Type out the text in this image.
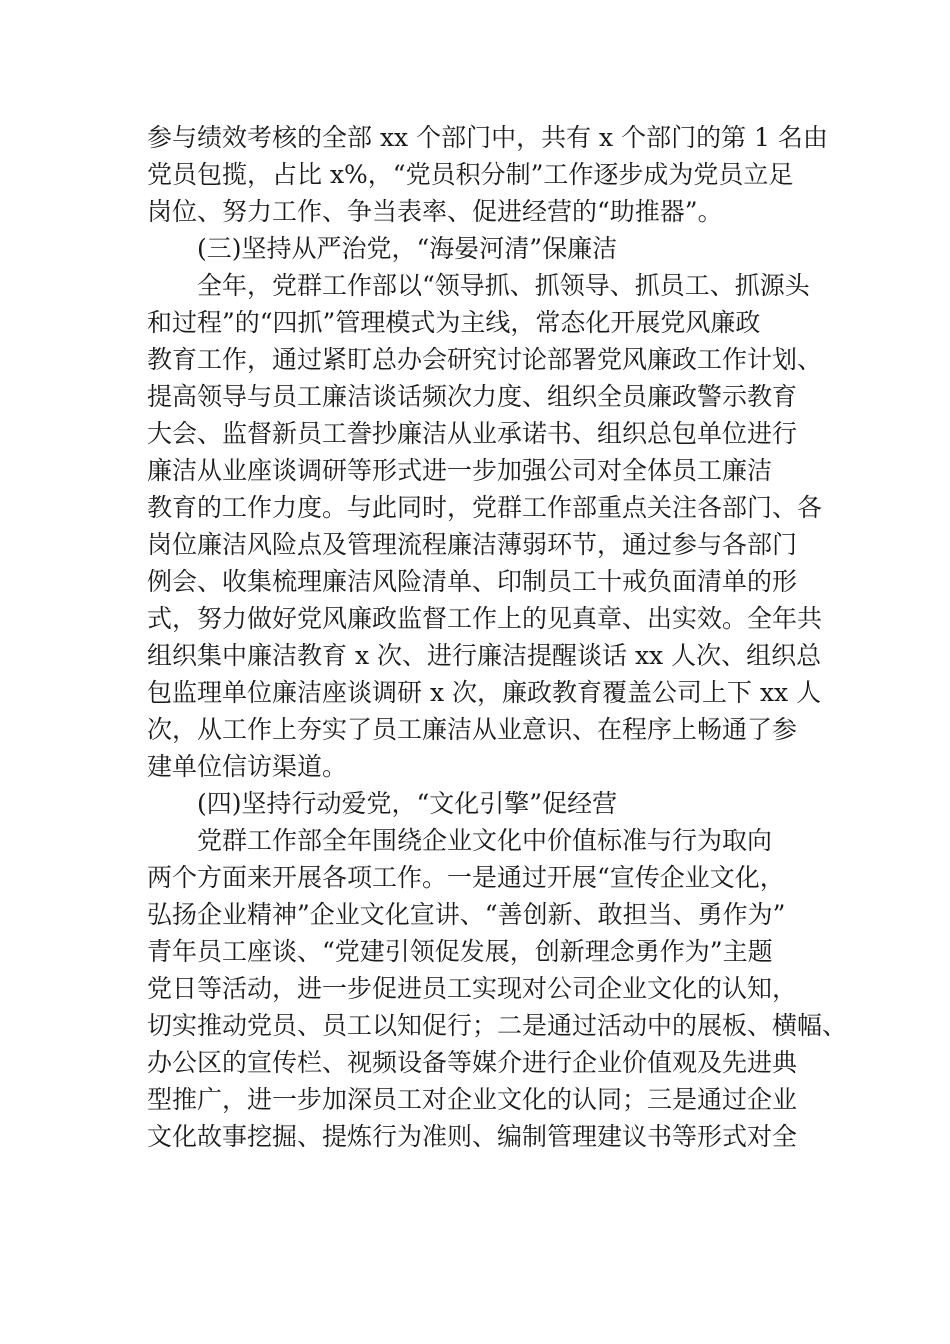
参与绩效考核的全部 xx 个部门中，共有 x 个部门的第 1 名由
党员包揽，占比 x%，“党员积分制”工作逐步成为党员立足
岗位、努力工作、争当表率、促进经营的“助推器”。
(三)坚持从严治党，“海晏河清”保廉洁
全年，党群工作部以“领导抓、抓领导、抓员工、抓源头
和过程”的“四抓”管理模式为主线，常态化开展党风廉政
教育工作，通过紧盯总办会研究讨论部署党风廉政工作计划、
提高领导与员工廉洁谈话频次力度、组织全员廉政警示教育
大会、监督新员工誊抄廉洁从业承诺书、组织总包单位进行
廉洁从业座谈调研等形式进一步加强公司对全体员工廉洁
教育的工作力度。与此同时，党群工作部重点关注各部门、各
岗位廉洁风险点及管理流程廉洁薄弱环节，通过参与各部门
例会、收集梳理廉洁风险清单、印制员工十戒负面清单的形
式，努力做好党风廉政监督工作上的见真章、出实效。全年共
组织集中廉洁教育 x 次、进行廉洁提醒谈话 xx 人次、组织总
包监理单位廉洁座谈调研 x 次，廉政教育覆盖公司上下 xx 人
次，从工作上夯实了员工廉洁从业意识、在程序上畅通了参
建单位信访渠道。
(四)坚持行动爱党，“文化引擎”促经营
党群工作部全年围绕企业文化中价值标准与行为取向
两个方面来开展各项工作。一是通过开展“宣传企业文化，
弘扬企业精神”企业文化宣讲、“善创新、敢担当、勇作为”
青年员工座谈、“党建引领促发展，创新理念勇作为”主题
党日等活动，进一步促进员工实现对公司企业文化的认知，
切实推动党员、员工以知促行；二是通过活动中的展板、横幅、
办公区的宣传栏、视频设备等媒介进行企业价值观及先进典
型推广，进一步加深员工对企业文化的认同；三是通过企业
文化故事挖掘、提炼行为准则、编制管理建议书等形式对全
